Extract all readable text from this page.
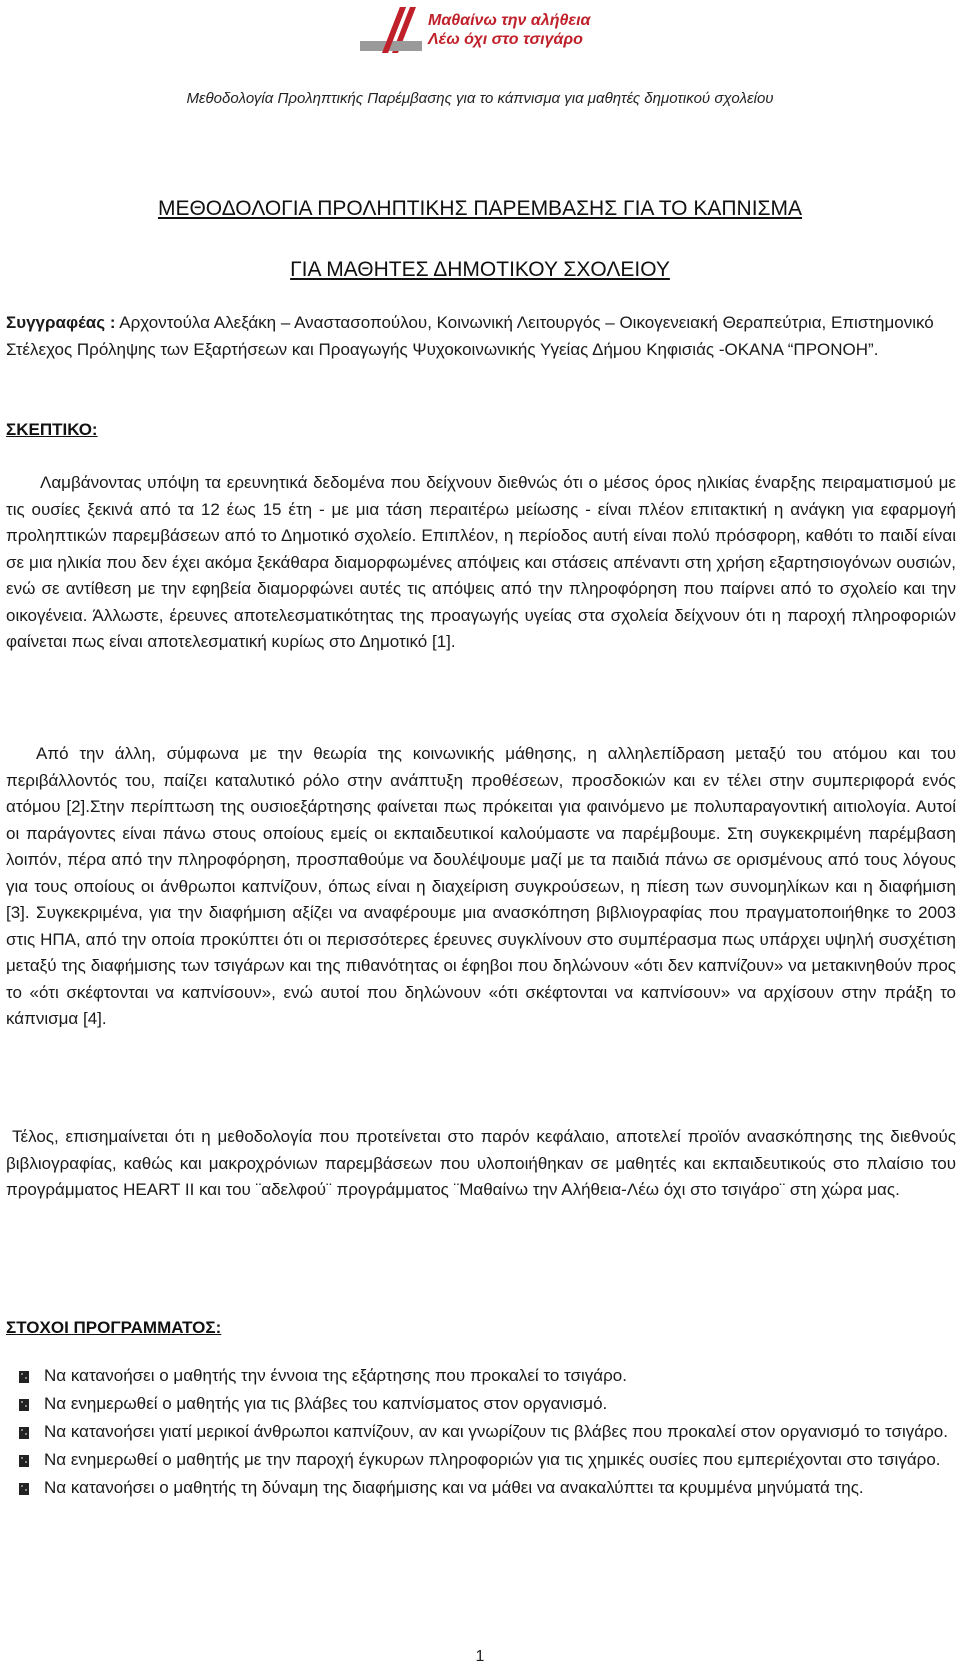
Μαθαίνω την αλήθεια
Λέω όχι στο τσιγάρο
Μεθοδολογία Προληπτικής Παρέμβασης για το κάπνισμα για μαθητές δημοτικού σχολείου
ΜΕΘΟΔΟΛΟΓΙΑ ΠΡΟΛΗΠΤΙΚΗΣ ΠΑΡΕΜΒΑΣΗΣ ΓΙΑ ΤΟ ΚΑΠΝΙΣΜΑ
ΓΙΑ ΜΑΘΗΤΕΣ ΔΗΜΟΤΙΚΟΥ ΣΧΟΛΕΙΟΥ
Συγγραφέας : Αρχοντούλα Αλεξάκη – Αναστασοπούλου, Κοινωνική Λειτουργός – Οικογενειακή Θεραπεύτρια, Επιστημονικό Στέλεχος Πρόληψης των Εξαρτήσεων και Προαγωγής Ψυχοκοινωνικής Υγείας Δήμου Κηφισιάς -ΟΚΑΝΑ “ΠΡΟΝΟΗ”.
ΣΚΕΠΤΙΚΟ:
Λαμβάνοντας υπόψη τα ερευνητικά δεδομένα που δείχνουν διεθνώς ότι ο μέσος όρος ηλικίας έναρξης πειραματισμού με τις ουσίες ξεκινά από τα 12 έως 15 έτη - με μια τάση περαιτέρω μείωσης - είναι πλέον επιτακτική η ανάγκη για εφαρμογή προληπτικών παρεμβάσεων από το Δημοτικό σχολείο. Επιπλέον, η περίοδος αυτή είναι πολύ πρόσφορη, καθότι το παιδί είναι σε μια ηλικία που δεν έχει ακόμα ξεκάθαρα διαμορφωμένες απόψεις και στάσεις απέναντι στη χρήση εξαρτησιογόνων ουσιών, ενώ σε αντίθεση με την εφηβεία διαμορφώνει αυτές τις απόψεις από την πληροφόρηση που παίρνει από το σχολείο και την οικογένεια. Άλλωστε, έρευνες αποτελεσματικότητας της προαγωγής υγείας στα σχολεία δείχνουν ότι η παροχή πληροφοριών φαίνεται πως είναι αποτελεσματική κυρίως στο Δημοτικό [1].
Από την άλλη, σύμφωνα με την θεωρία της κοινωνικής μάθησης, η αλληλεπίδραση μεταξύ του ατόμου και του περιβάλλοντός του, παίζει καταλυτικό ρόλο στην ανάπτυξη προθέσεων, προσδοκιών και εν τέλει στην συμπεριφορά ενός ατόμου [2].Στην περίπτωση της ουσιοεξάρτησης φαίνεται πως πρόκειται για φαινόμενο με πολυπαραγοντική αιτιολογία. Αυτοί οι παράγοντες είναι πάνω στους οποίους εμείς οι εκπαιδευτικοί καλούμαστε να παρέμβουμε. Στη συγκεκριμένη παρέμβαση λοιπόν, πέρα από την πληροφόρηση, προσπαθούμε να δουλέψουμε μαζί με τα παιδιά πάνω σε ορισμένους από τους λόγους για τους οποίους οι άνθρωποι καπνίζουν, όπως είναι η διαχείριση συγκρούσεων, η πίεση των συνομηλίκων και η διαφήμιση [3]. Συγκεκριμένα, για την διαφήμιση αξίζει να αναφέρουμε μια ανασκόπηση βιβλιογραφίας που πραγματοποιήθηκε το 2003 στις ΗΠΑ, από την οποία προκύπτει ότι οι περισσότερες έρευνες συγκλίνουν στο συμπέρασμα πως υπάρχει υψηλή συσχέτιση μεταξύ της διαφήμισης των τσιγάρων και της πιθανότητας οι έφηβοι που δηλώνουν «ότι δεν καπνίζουν» να μετακινηθούν προς το «ότι σκέφτονται να καπνίσουν», ενώ αυτοί που δηλώνουν «ότι σκέφτονται να καπνίσουν» να αρχίσουν στην πράξη το κάπνισμα [4].
Τέλος, επισημαίνεται ότι η μεθοδολογία που προτείνεται στο παρόν κεφάλαιο, αποτελεί προϊόν ανασκόπησης της διεθνούς βιβλιογραφίας, καθώς και μακροχρόνιων παρεμβάσεων που υλοποιήθηκαν σε μαθητές και εκπαιδευτικούς στο πλαίσιο του προγράμματος HEART II και του ¨αδελφού¨ προγράμματος ¨Μαθαίνω την Αλήθεια-Λέω όχι στο τσιγάρο¨ στη χώρα μας.
ΣΤΟΧΟΙ ΠΡΟΓΡΑΜΜΑΤΟΣ:
Να κατανοήσει ο μαθητής την έννοια της εξάρτησης που προκαλεί το τσιγάρο.
Να ενημερωθεί ο μαθητής για τις βλάβες του καπνίσματος στον οργανισμό.
Να κατανοήσει γιατί μερικοί άνθρωποι καπνίζουν, αν και γνωρίζουν τις βλάβες που προκαλεί στον οργανισμό το τσιγάρο.
Να ενημερωθεί ο μαθητής με την παροχή έγκυρων πληροφοριών για τις χημικές ουσίες που εμπεριέχονται στο τσιγάρο.
Να κατανοήσει ο μαθητής τη δύναμη της διαφήμισης και να μάθει να ανακαλύπτει τα κρυμμένα μηνύματά της.
1
